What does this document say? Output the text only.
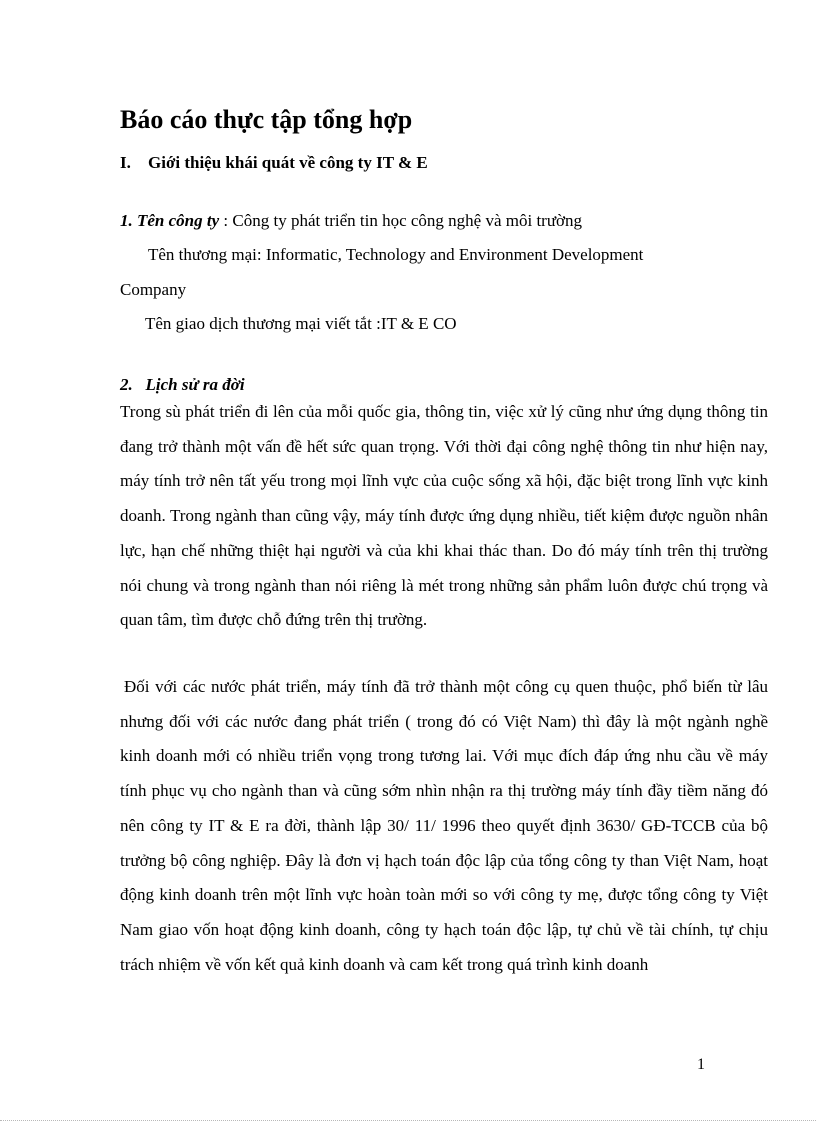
Báo cáo thực tập tổng hợp
I. Giới thiệu khái quát về công ty IT & E
1. Tên công ty : Công ty phát triển tin học công nghệ và môi trường
Tên thương mại: Informatic, Technology and Environment Development
Company
Tên giao dịch thương mại viết tắt :IT & E CO
2.   Lịch sử ra đời
Trong sù phát triển đi lên của mỗi quốc gia, thông tin, việc xử lý cũng như ứng dụng thông tin đang trở thành một vấn đề hết sức quan trọng. Với thời đại công nghệ thông tin như hiện nay, máy tính trở nên tất yếu trong mọi lĩnh vực của cuộc sống xã hội, đặc biệt trong lĩnh vực kinh doanh. Trong ngành than cũng vậy, máy tính được ứng dụng nhiều, tiết kiệm được nguồn nhân lực, hạn chế những thiệt hại người và của khi khai thác than. Do đó máy tính trên thị trường nói chung và trong ngành than nói riêng là mét trong những sản phẩm luôn được chú trọng và quan tâm, tìm được chỗ đứng trên thị trường.
Đối với các nước phát triển, máy tính đã trở thành một công cụ quen thuộc, phổ biến từ lâu nhưng đối với các nước đang phát triển ( trong đó có Việt Nam) thì đây là một ngành nghề kinh doanh mới có nhiều triển vọng trong tương lai. Với mục đích đáp ứng nhu cầu về máy tính phục vụ cho ngành than và cũng sớm nhìn nhận ra thị trường máy tính đầy tiềm năng đó nên công ty IT & E ra đời, thành lập 30/ 11/ 1996 theo quyết định 3630/ GĐ-TCCB của bộ trưởng bộ công nghiệp. Đây là đơn vị hạch toán độc lập của tổng công ty than Việt Nam, hoạt động kinh doanh trên một lĩnh vực hoàn toàn mới so với công ty mẹ, được tổng công ty Việt Nam giao vốn hoạt động kinh doanh, công ty hạch toán độc lập, tự chủ về tài chính, tự chịu trách nhiệm về vốn kết quả kinh doanh và cam kết trong quá trình kinh doanh
1
